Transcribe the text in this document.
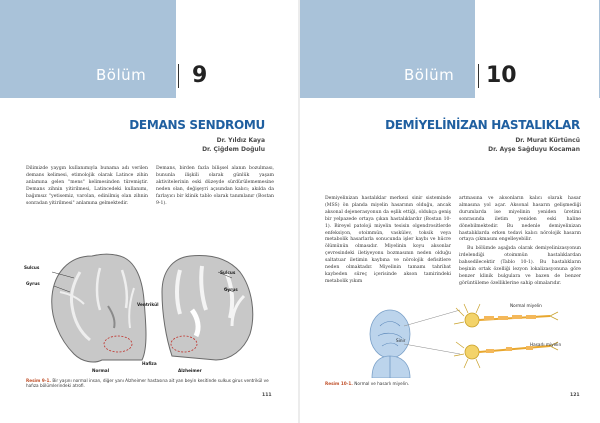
Bölüm 9
DEMANS SENDROMU
Dr. Yıldız Kaya
Dr. Çiğdem Doğulu

Dilimizde yaygın kullanımıyla bunama adı verilen demans kelimesi, etimolojik olarak Latince zihin anlamına gelen "mens" kelimesinden türemiştir. Demans zihnin yitirilmesi, Latincedeki kullanımı, bağımsız "yetisemiz, varolan, edinilmiş olan zihnin sonradan yitirilmesi" anlamına gelmektedir.

Demans, birden fazla bilişsel alanın bozulması, bununla ilişkili olarak günlük yaşam aktivitelerinin eski düzeyde sürdürülememesine neden olan, değişeyri açısından kalıcı; akılda da farlayıcı bir klinik tablo olarak tanımlanır (Bostan 9-1).

Sulcus
Gyrus
Sulcus
Gyrus
Ventrikül
Hafiza
Normal	Alzheimer
Resim 9-1. Bir yaşını normal insan, diğer yanı Alzheimer hastasına ait yan beyin kesitinde sulkus girus ventrikül ve hafıza bölümlerindeki atrofi.
111
Bölüm 10
DEMİYELİNİZAN HASTALIKLAR
Dr. Murat Kürtüncü
Dr. Ayşe Sağduyu Kocaman

Demiyelinizan hastalıklar merkezi sinir sisteminde (MSS) ön planda miyelin hasarının olduğu, ancak aksonal dejenerasyonun da eşlik ettiği, oldukça geniş bir yelpazede ortaya çıkan hastalıklardır (Bostan 10-1). Bireyel patoloji miyelin tesisin olgendrositlerde enfeksiyon, otoimmün, vaskülev, toksik veya metabolik hasarlarla sonucunda işler kaybı ve hücre ölümünün olmasıdır. Miyelinin koyu aksonlar çevresindeki iletiyeyonu bozmasının neden olduğu saltatuar iletimin kaybına ve nörolojik defisitlere neden olmaktadır. Miyelinin tamamı tahribat kaybeden süreç içerisinde akson tamirindeki metabolik yıkım

artmasına ve aksonların kalıcı olarak hasar almasına yol açar. Aksonal hasarın gelişmediği durumlarda ise miyelinin yeniden üretimi sonrasında iletim yeniden eski haline dönebilmektedir. Bu nedenle demiyelinizan hastalıklarda erken tedavi kalıcı nörolojik hasarın ortaya çıkmasını engelleyebilir.

Bu bölümde aşağıda olarak demiyelinizasyonun irdelendiği otoimmün hastalıklardan bahsedilecektir (Tablo 10-1). Bu hastalıkların beşinin ortak özelliği lezyon lokalizasyonuna göre benzer klinik bulgulara ve bazen de benzer görüntüleme özelliklerine sahip olmalarıdır.

Normal miyelin
Hasarlı miyelin
Sinir
Resim 10-1. Normal ve hasarlı miyelin.
121
